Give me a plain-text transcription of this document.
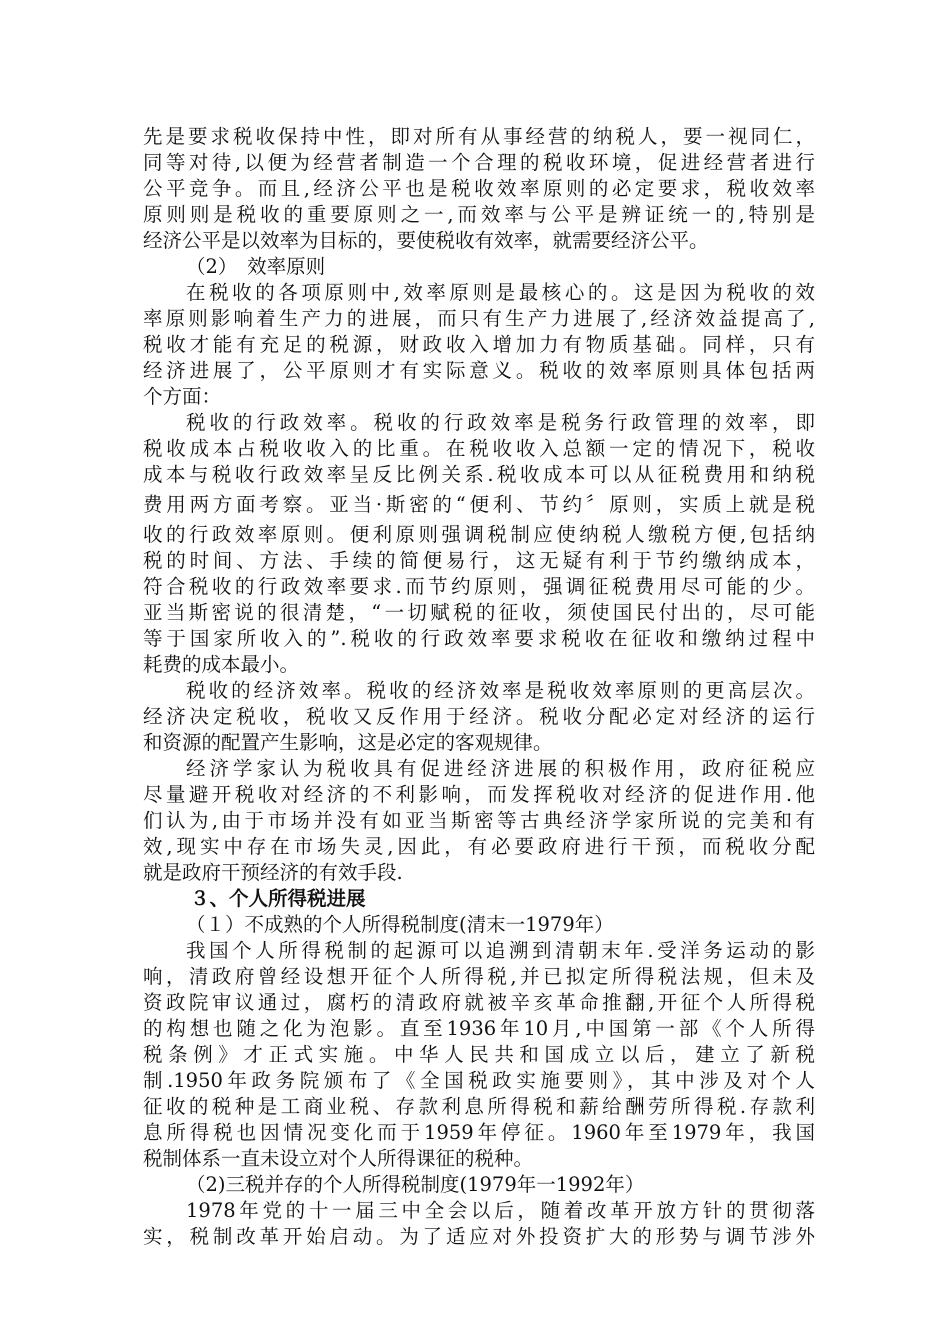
先是要求税收保持中性，即对所有从事经营的纳税人，要一视同仁，
同等对待,以便为经营者制造一个合理的税收环境，促进经营者进行
公平竞争。而且,经济公平也是税收效率原则的必定要求，税收效率
原则则是税收的重要原则之一,而效率与公平是辨证统一的,特别是
经济公平是以效率为目标的，要使税收有效率，就需要经济公平。
（2）　效率原则
在税收的各项原则中,效率原则是最核心的。这是因为税收的效
率原则影响着生产力的进展，而只有生产力进展了,经济效益提高了,
税收才能有充足的税源，财政收入增加力有物质基础。同样，只有
经济进展了，公平原则才有实际意义。税收的效率原则具体包括两
个方面：
税收的行政效率。税收的行政效率是税务行政管理的效率，即
税收成本占税收收入的比重。在税收收入总额一定的情况下，税收
成本与税收行政效率呈反比例关系.税收成本可以从征税费用和纳税
费用两方面考察。亚当·斯密的“便利、节约〞原则，实质上就是税
收的行政效率原则。便利原则强调税制应使纳税人缴税方便,包括纳
税的时间、方法、手续的简便易行，这无疑有利于节约缴纳成本，
符合税收的行政效率要求.而节约原则，强调征税费用尽可能的少。
亚当斯密说的很清楚，“一切赋税的征收，须使国民付出的，尽可能
等于国家所收入的”.税收的行政效率要求税收在征收和缴纳过程中
耗费的成本最小。
税收的经济效率。税收的经济效率是税收效率原则的更高层次。
经济决定税收，税收又反作用于经济。税收分配必定对经济的运行
和资源的配置产生影响，这是必定的客观规律。
经济学家认为税收具有促进经济进展的积极作用，政府征税应
尽量避开税收对经济的不利影响，而发挥税收对经济的促进作用.他
们认为,由于市场并没有如亚当斯密等古典经济学家所说的完美和有
效,现实中存在市场失灵,因此，有必要政府进行干预，而税收分配
就是政府干预经济的有效手段.
３、个人所得税进展
（１）不成熟的个人所得税制度(清末一1979年）
我国个人所得税制的起源可以追溯到清朝末年.受洋务运动的影
响，清政府曾经设想开征个人所得税,并已拟定所得税法规，但未及
资政院审议通过，腐朽的清政府就被辛亥革命推翻,开征个人所得税
的构想也随之化为泡影。直至1936年10月,中国第一部《个人所得
税条例》才正式实施。中华人民共和国成立以后，建立了新税
制.1950年政务院颁布了《全国税政实施要则》，其中涉及对个人
征收的税种是工商业税、存款利息所得税和薪给酬劳所得税.存款利
息所得税也因情况变化而于1959年停征。1960年至1979年，我国
税制体系一直未设立对个人所得课征的税种。
（2)三税并存的个人所得税制度(1979年一1992年）
1978年党的十一届三中全会以后，随着改革开放方针的贯彻落
实，税制改革开始启动。为了适应对外投资扩大的形势与调节涉外
